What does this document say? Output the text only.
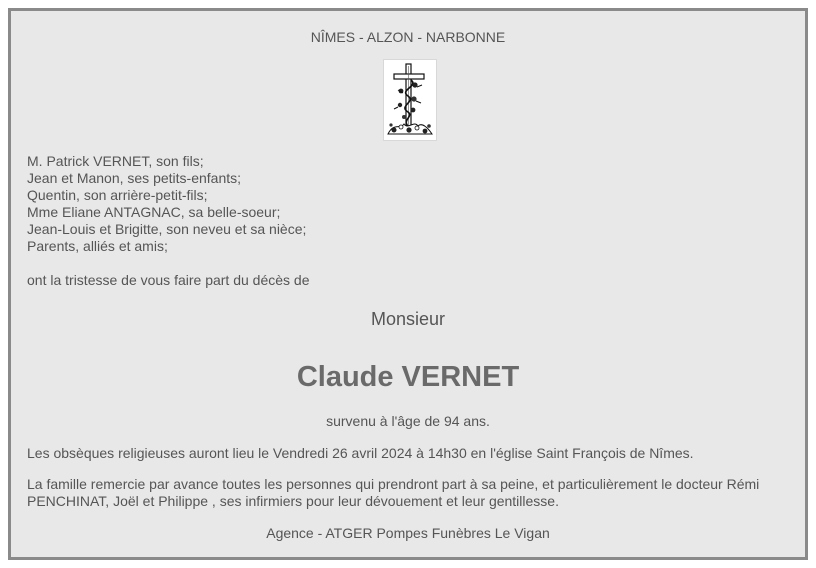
NÎMES - ALZON - NARBONNE
M. Patrick VERNET, son fils;
Jean et Manon, ses petits-enfants;
Quentin, son arrière-petit-fils;
Mme Eliane ANTAGNAC, sa belle-soeur;
Jean-Louis et Brigitte, son neveu et sa nièce;
Parents, alliés et amis;
ont la tristesse de vous faire part du décès de
Monsieur
Claude VERNET
survenu à l'âge de 94 ans.
Les obsèques religieuses auront lieu le Vendredi 26 avril 2024 à 14h30 en l'église Saint François de Nîmes.
La famille remercie par avance toutes les personnes qui prendront part à sa peine, et particulièrement le docteur Rémi PENCHINAT, Joël et Philippe , ses infirmiers pour leur dévouement et leur gentillesse.
Agence - ATGER Pompes Funèbres Le Vigan
